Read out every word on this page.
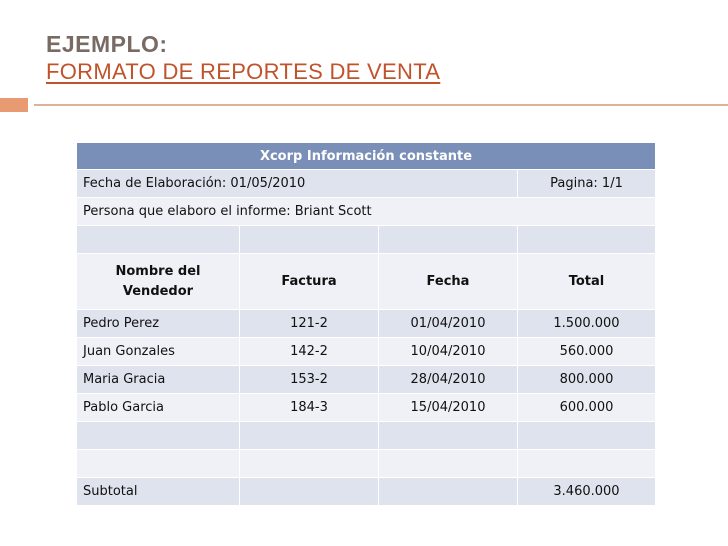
EJEMPLO:
FORMATO DE REPORTES DE VENTA
Xcorp Información constante			
Fecha de Elaboración: 01/05/2010			Pagina: 1/1
Persona que elaboro el informe: Briant Scott			

Nombre del Vendedor	Factura	Fecha	Total
Pedro Perez	121-2	01/04/2010	1.500.000
Juan Gonzales	142-2	10/04/2010	560.000
Maria Gracia	153-2	28/04/2010	800.000
Pablo Garcia	184-3	15/04/2010	600.000

Subtotal			3.460.000
